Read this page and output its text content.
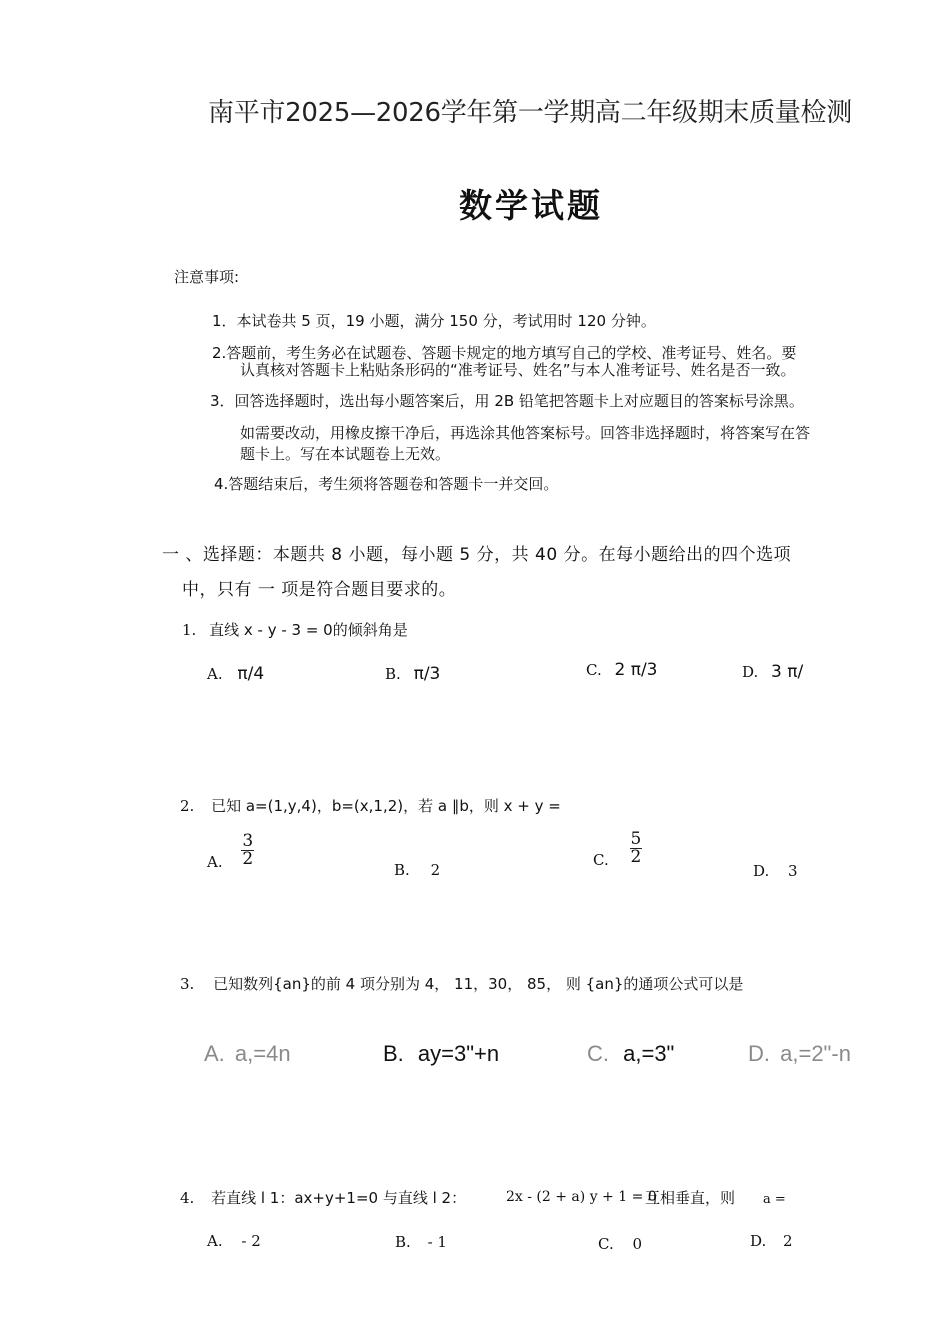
南平市2025—2026学年第一学期高二年级期末质量检测
数学试题
注意事项:
1．本试卷共 5 页，19 小题，满分 150 分，考试用时 120 分钟。
2.答题前，考生务必在试题卷、答题卡规定的地方填写自己的学校、准考证号、姓名。要
认真核对答题卡上粘贴条形码的“准考证号、姓名”与本人准考证号、姓名是否一致。
3．回答选择题时，选出每小题答案后，用 2B 铅笔把答题卡上对应题目的答案标号涂黑。
如需要改动，用橡皮擦干净后，再选涂其他答案标号。回答非选择题时，将答案写在答
题卡上。写在本试题卷上无效。
4.答题结束后，考生须将答题卷和答题卡一并交回。
一 、选择题：本题共 8 小题，每小题 5 分，共 40 分。在每小题给出的四个选项
中，只有 一 项是符合题目要求的。
1. 直线 x - y - 3 = 0的倾斜角是
A. π/4	B. π/3	C. 2 π/3	D. 3 π/
2. 已知 a=(1,y,4)，b=(x,1,2)，若 a ∥b，则 x + y =
A. $\frac{3}{2}$
B. 2
C. $\frac{5}{2}$
D. 3
3. 已知数列{an}的前 4 项分别为 4， 11，30， 85， 则 {an}的通项公式可以是
A. a,=4n	B. ay=3"+n	C. a,=3"	D. a,=2"-n
4. 若直线 l 1：ax+y+1=0 与直线 l 2：	2x - (2 + a) y + 1 = 0
互相垂直，则 a =
A. - 2	B. - 1	C. 0	D. 2
